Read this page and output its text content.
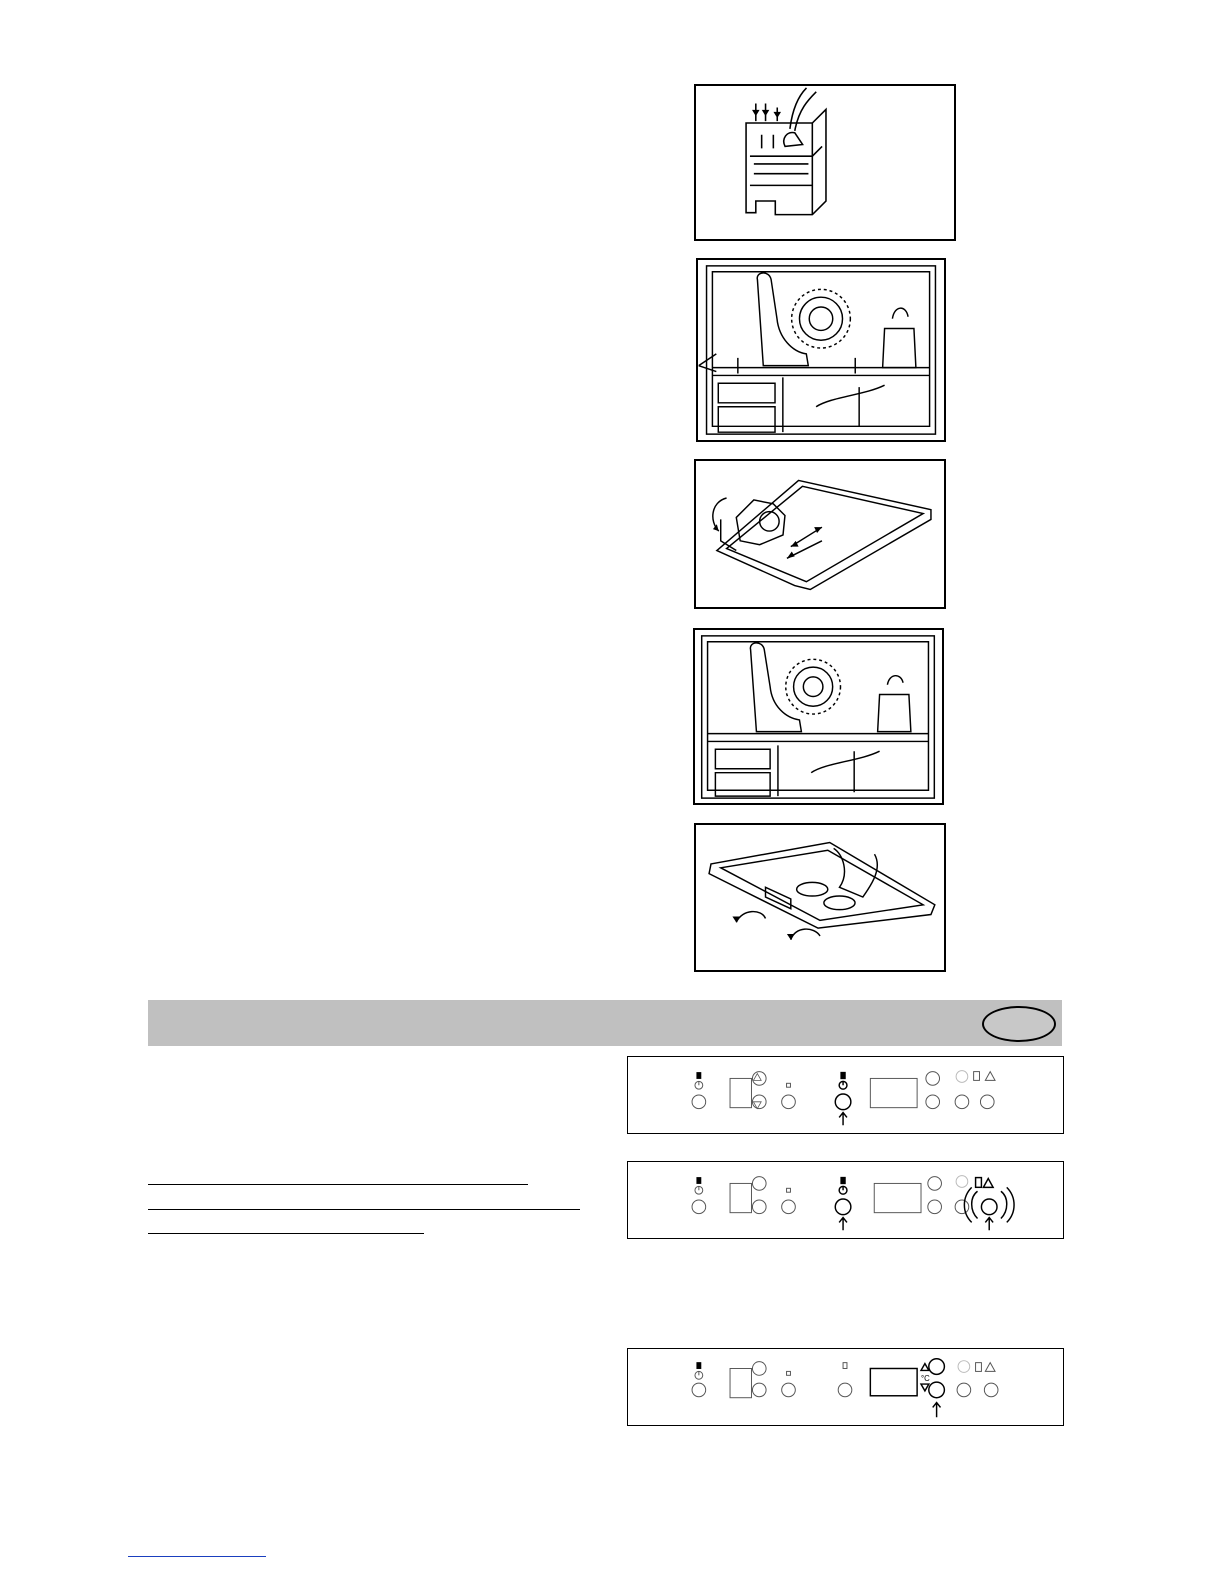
°C
